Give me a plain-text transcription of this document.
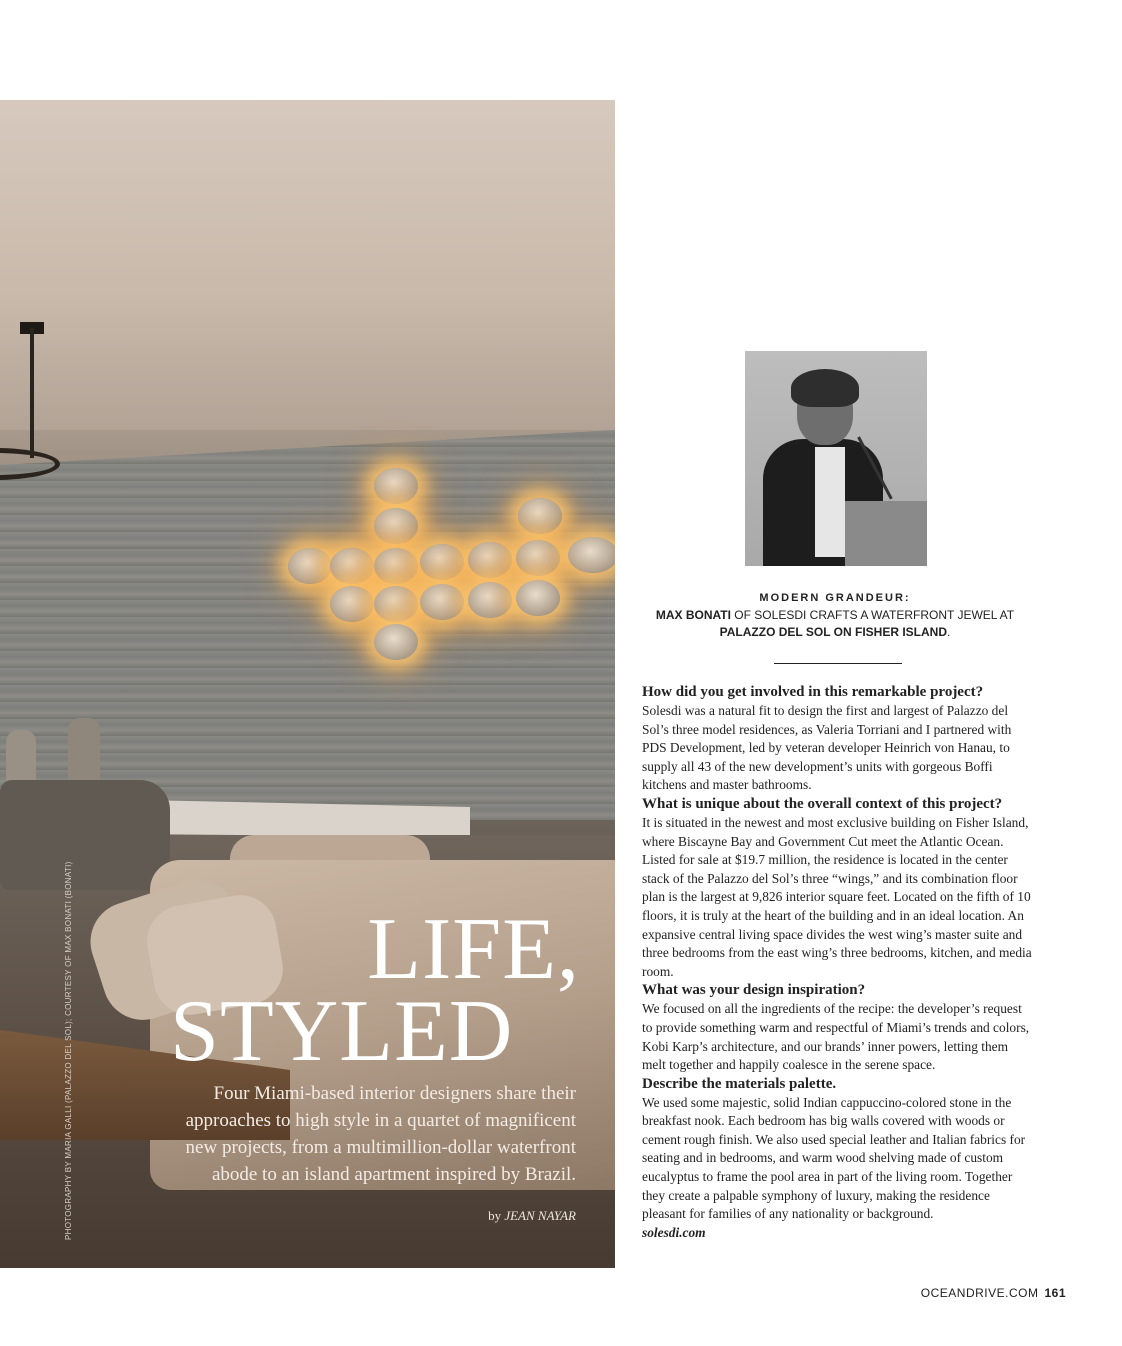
LIFE,
STYLED
Four Miami-based interior designers share their approaches to high style in a quartet of magnificent new projects, from a multimillion-dollar waterfront abode to an island apartment inspired by Brazil.
by JEAN NAYAR
PHOTOGRAPHY BY MARIA GALLI (PALAZZO DEL SOL); COURTESY OF MAX BONATI (BONATI)
MODERN GRANDEUR:
MAX BONATI OF SOLESDI CRAFTS A WATERFRONT JEWEL AT PALAZZO DEL SOL ON FISHER ISLAND.

How did you get involved in this remarkable project?

Solesdi was a natural fit to design the first and largest of Palazzo del Sol’s three model residences, as Valeria Torriani and I partnered with PDS Development, led by veteran developer Heinrich von Hanau, to supply all 43 of the new development’s units with gorgeous Boffi kitchens and master bathrooms.

What is unique about the overall context of this project?

It is situated in the newest and most exclusive building on Fisher Island, where Biscayne Bay and Government Cut meet the Atlantic Ocean. Listed for sale at $19.7 million, the residence is located in the center stack of the Palazzo del Sol’s three “wings,” and its combination floor plan is the largest at 9,826 interior square feet. Located on the fifth of 10 floors, it is truly at the heart of the building and in an ideal location. An expansive central living space divides the west wing’s master suite and three bedrooms from the east wing’s three bedrooms, kitchen, and media room.

What was your design inspiration?

We focused on all the ingredients of the recipe: the developer’s request to provide something warm and respectful of Miami’s trends and colors, Kobi Karp’s architecture, and our brands’ inner powers, letting them melt together and happily coalesce in the serene space.

Describe the materials palette.

We used some majestic, solid Indian cappuccino-colored stone in the breakfast nook. Each bedroom has big walls covered with woods or cement rough finish. We also used special leather and Italian fabrics for seating and in bedrooms, and warm wood shelving made of custom eucalyptus to frame the pool area in part of the living room. Together they create a palpable symphony of luxury, making the residence pleasant for families of any nationality or background.

solesdi.com

OCEANDRIVE.COM 161
